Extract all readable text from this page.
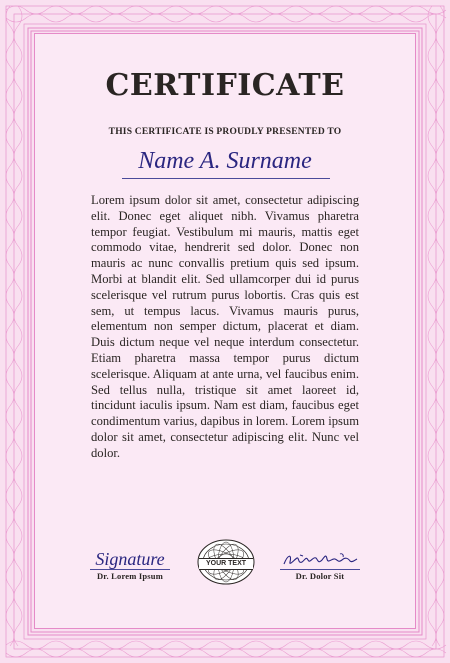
CERTIFICATE
THIS CERTIFICATE IS PROUDLY PRESENTED TO
Name A. Surname
Lorem ipsum dolor sit amet, consectetur adipiscing elit. Donec eget aliquet nibh. Vivamus pharetra tempor feugiat. Vestibulum mi mauris, mattis eget commodo vitae, hendrerit sed dolor. Donec non mauris ac nunc convallis pretium quis sed ipsum. Morbi at blandit elit. Sed ullamcorper dui id purus scelerisque vel rutrum purus lobortis. Cras quis est sem, ut tempus lacus. Vivamus mauris purus, elementum non semper dictum, placerat et diam. Duis dictum neque vel neque interdum consectetur. Etiam pharetra massa tempor purus dictum scelerisque. Aliquam at ante urna, vel faucibus enim. Sed tellus nulla, tristique sit amet laoreet id, tincidunt iaculis ipsum. Nam est diam, faucibus eget condimentum varius, dapibus in lorem. Lorem ipsum dolor sit amet, consectetur adipiscing elit. Nunc vel dolor.
Signature
Dr. Lorem Ipsum
YOUR TEXT
Dr. Dolor Sit
